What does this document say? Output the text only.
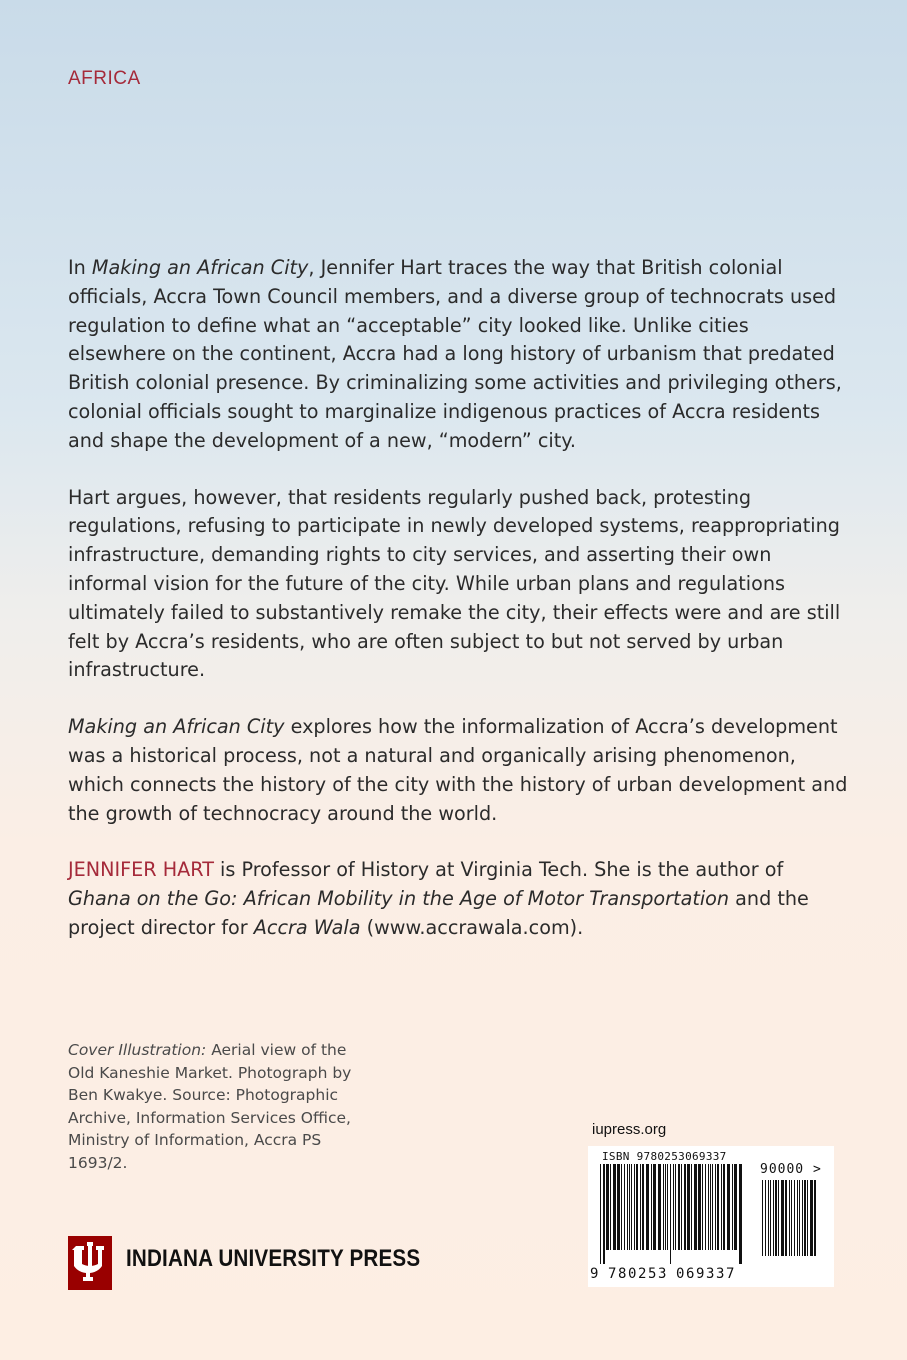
AFRICA

In Making an African City, Jennifer Hart traces the way that British colonial officials, Accra Town Council members, and a diverse group of technocrats used regulation to define what an “acceptable” city looked like. Unlike cities elsewhere on the continent, Accra had a long history of urbanism that predated British colonial presence. By criminalizing some activities and privileging others, colonial officials sought to marginalize indigenous practices of Accra residents and shape the development of a new, “modern” city.

Hart argues, however, that residents regularly pushed back, protesting regulations, refusing to participate in newly developed systems, reappropriating infrastructure, demanding rights to city services, and asserting their own informal vision for the future of the city. While urban plans and regulations ultimately failed to substantively remake the city, their effects were and are still felt by Accra’s residents, who are often subject to but not served by urban infrastructure.

Making an African City explores how the informalization of Accra’s development was a historical process, not a natural and organically arising phenomenon, which connects the history of the city with the history of urban development and the growth of technocracy around the world.

JENNIFER HART is Professor of History at Virginia Tech. She is the author of Ghana on the Go: African Mobility in the Age of Motor Transportation and the project director for Accra Wala (www.accrawala.com).

Cover Illustration: Aerial view of the Old Kaneshie Market. Photograph by Ben Kwakye. Source: Photographic Archive, Information Services Office, Ministry of Information, Accra PS 1693/2.
iupress.org
ISBN 9780253069337
9 7 8 0 2 5 3 0 6 9 3 3 7
90000 >
INDIANA UNIVERSITY PRESS
